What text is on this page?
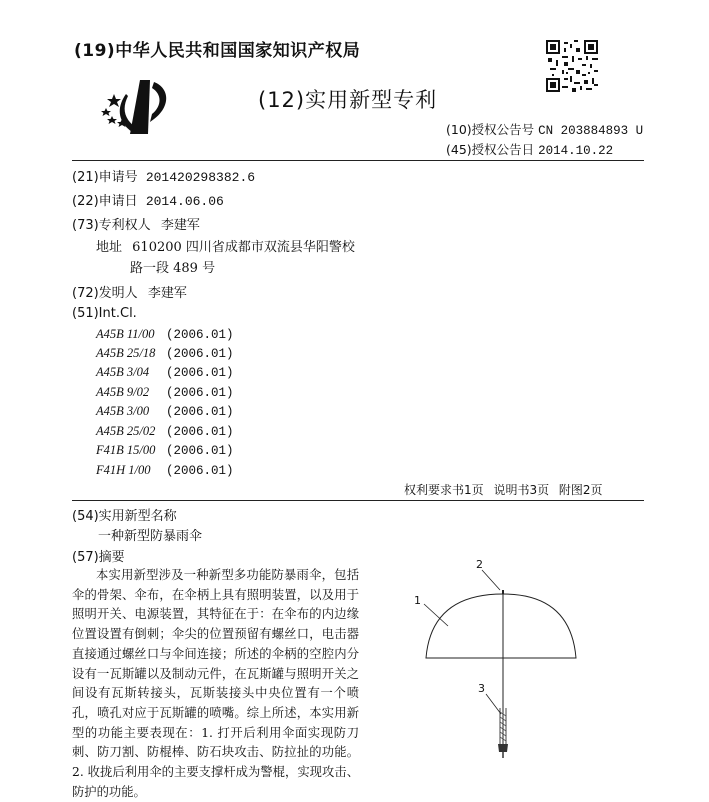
(19)中华人民共和国国家知识产权局
(12)实用新型专利
(10)授权公告号 CN 203884893 U
(45)授权公告日 2014.10.22
(21)申请号 201420298382.6
(22)申请日 2014.06.06
(73)专利权人 李建军
地址 610200 四川省成都市双流县华阳警校
路一段 489 号
(72)发明人 李建军
(51)Int.Cl.
A45B 11/00 (2006.01)
A45B 25/18 (2006.01)
A45B 3/04 (2006.01)
A45B 9/02 (2006.01)
A45B 3/00 (2006.01)
A45B 25/02 (2006.01)
F41B 15/00 (2006.01)
F41H 1/00 (2006.01)
权利要求书1页 说明书3页 附图2页
(54)实用新型名称
一种新型防暴雨伞
(57)摘要

本实用新型涉及一种新型多功能防暴雨伞，包括伞的骨架、伞布，在伞柄上具有照明装置，以及用于照明开关、电源装置，其特征在于：在伞布的内边缘位置设置有倒刺；伞尖的位置预留有螺丝口，电击器直接通过螺丝口与伞间连接；所述的伞柄的空腔内分设有一瓦斯罐以及制动元件，在瓦斯罐与照明开关之间设有瓦斯转接头，瓦斯装接头中央位置有一个喷孔，喷孔对应于瓦斯罐的喷嘴。综上所述，本实用新型的功能主要表现在：1. 打开后利用伞面实现防刀刺、防刀割、防棍棒、防石块攻击、防拉扯的功能。2. 收拢后利用伞的主要支撑杆成为警棍，实现攻击、防护的功能。

1
2
3
